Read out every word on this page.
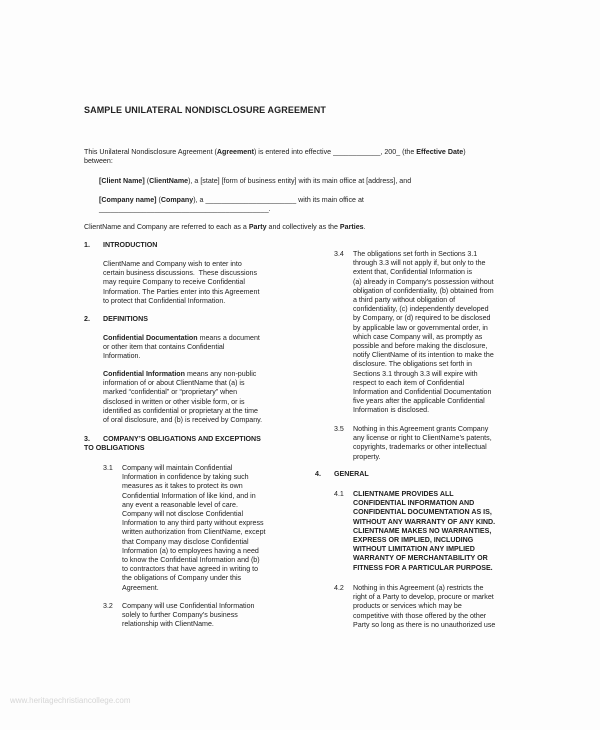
SAMPLE UNILATERAL NONDISCLOSURE AGREEMENT
This Unilateral Nondisclosure Agreement (Agreement) is entered into effective ____________, 200_ (the Effective Date)
between:
[Client Name] (ClientName), a [state] [form of business entity] with its main office at [address], and
[Company name] (Company), a _______________________ with its main office at
___________________________________________.
ClientName and Company are referred to each as a Party and collectively as the Parties.
1. INTRODUCTION
ClientName and Company wish to enter into
certain business discussions.  These discussions
may require Company to receive Confidential
Information. The Parties enter into this Agreement
to protect that Confidential Information.
2. DEFINITIONS
Confidential Documentation means a document
or other item that contains Confidential
Information.
Confidential Information means any non-public
information of or about ClientName that (a) is
marked “confidential” or “proprietary” when
disclosed in written or other visible form, or is
identified as confidential or proprietary at the time
of oral disclosure, and (b) is received by Company.
3. COMPANY’S OBLIGATIONS AND EXCEPTIONS
TO OBLIGATIONS
3.1 Company will maintain Confidential
Information in confidence by taking such
measures as it takes to protect its own
Confidential Information of like kind, and in
any event a reasonable level of care.
Company will not disclose Confidential
Information to any third party without express
written authorization from ClientName, except
that Company may disclose Confidential
Information (a) to employees having a need
to know the Confidential Information and (b)
to contractors that have agreed in writing to
the obligations of Company under this
Agreement.
3.2 Company will use Confidential Information
solely to further Company’s business
relationship with ClientName.
3.4 The obligations set forth in Sections 3.1
through 3.3 will not apply if, but only to the
extent that, Confidential Information is
(a) already in Company’s possession without
obligation of confidentiality, (b) obtained from
a third party without obligation of
confidentiality, (c) independently developed
by Company, or (d) required to be disclosed
by applicable law or governmental order, in
which case Company will, as promptly as
possible and before making the disclosure,
notify ClientName of its intention to make the
disclosure. The obligations set forth in
Sections 3.1 through 3.3 will expire with
respect to each item of Confidential
Information and Confidential Documentation
five years after the applicable Confidential
Information is disclosed.
3.5 Nothing in this Agreement grants Company
any license or right to ClientName’s patents,
copyrights, trademarks or other intellectual
property.
4. GENERAL
4.1 CLIENTNAME PROVIDES ALL
CONFIDENTIAL INFORMATION AND
CONFIDENTIAL DOCUMENTATION AS IS,
WITHOUT ANY WARRANTY OF ANY KIND.
CLIENTNAME MAKES NO WARRANTIES,
EXPRESS OR IMPLIED, INCLUDING
WITHOUT LIMITATION ANY IMPLIED
WARRANTY OF MERCHANTABILITY OR
FITNESS FOR A PARTICULAR PURPOSE.
4.2 Nothing in this Agreement (a) restricts the
right of a Party to develop, procure or market
products or services which may be
competitive with those offered by the other
Party so long as there is no unauthorized use
www.heritagechristiancollege.com
